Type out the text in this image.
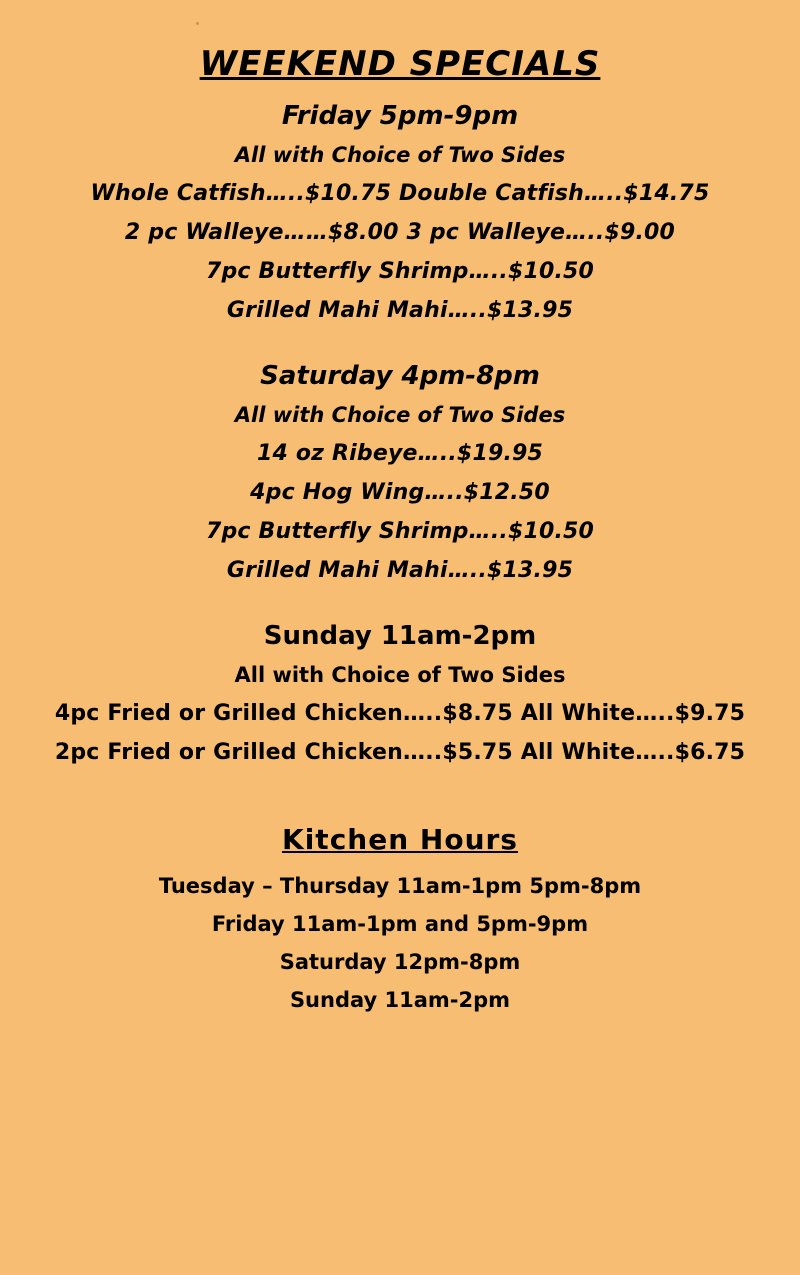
WEEKEND SPECIALS
Friday 5pm-9pm
All with Choice of Two Sides
Whole Catfish…..$10.75 Double Catfish…..$14.75
2 pc Walleye……$8.00 3 pc Walleye…..$9.00
7pc Butterfly Shrimp…..$10.50
Grilled Mahi Mahi…..$13.95
Saturday 4pm-8pm
All with Choice of Two Sides
14 oz Ribeye…..$19.95
4pc Hog Wing…..$12.50
7pc Butterfly Shrimp…..$10.50
Grilled Mahi Mahi…..$13.95
Sunday 11am-2pm
All with Choice of Two Sides
4pc Fried or Grilled Chicken…..$8.75 All White…..$9.75
2pc Fried or Grilled Chicken…..$5.75 All White…..$6.75
Kitchen Hours
Tuesday – Thursday 11am-1pm 5pm-8pm
Friday 11am-1pm and 5pm-9pm
Saturday 12pm-8pm
Sunday 11am-2pm
